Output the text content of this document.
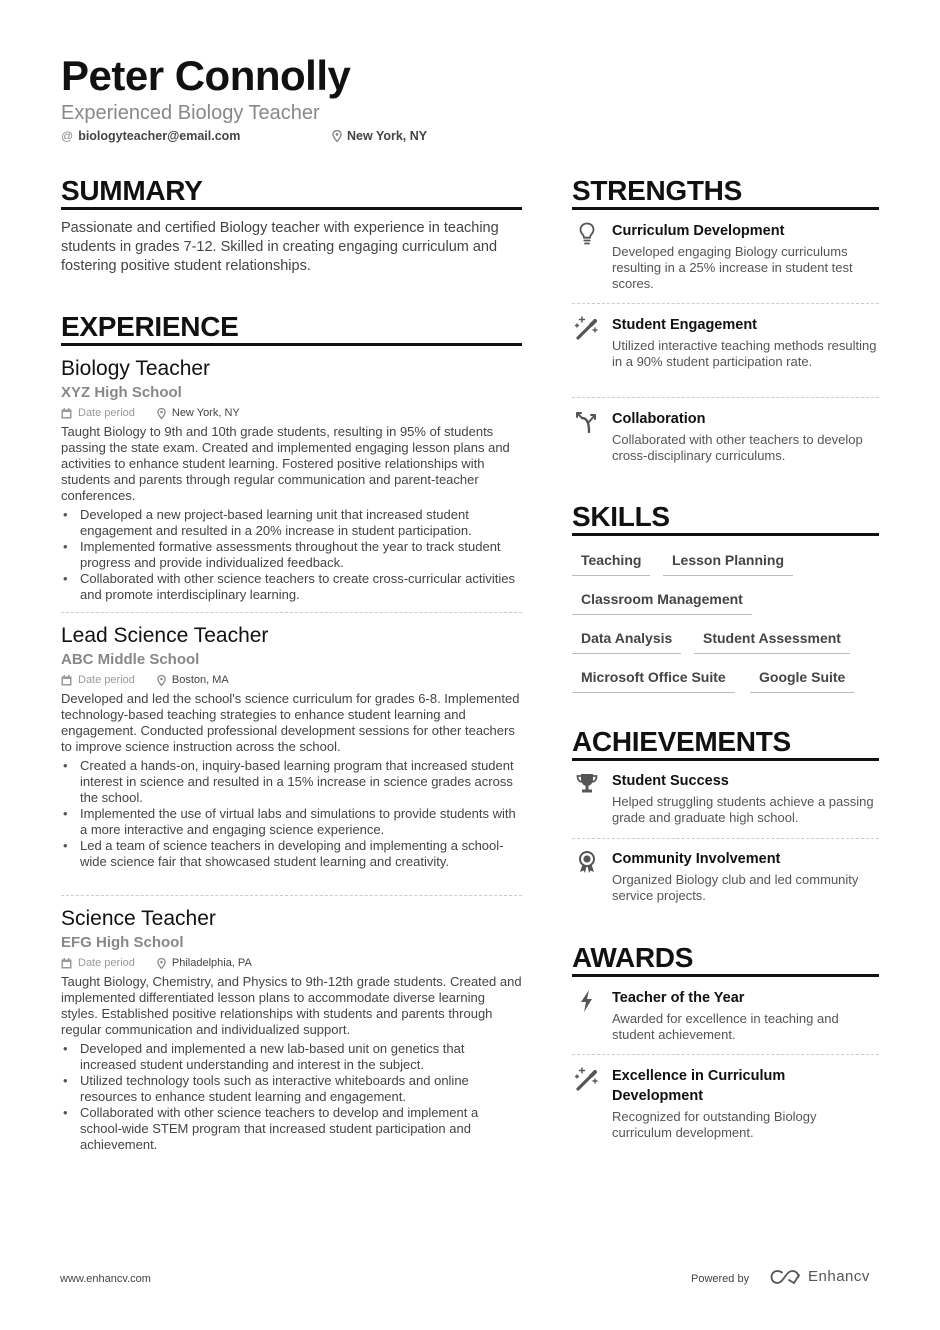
Peter Connolly
Experienced Biology Teacher
@ biologyteacher@email.com	New York, NY
SUMMARY
Passionate and certified Biology teacher with experience in teaching students in grades 7-12. Skilled in creating engaging curriculum and fostering positive student relationships.
EXPERIENCE
Biology Teacher
XYZ High School
Date period	New York, NY
Taught Biology to 9th and 10th grade students, resulting in 95% of students passing the state exam. Created and implemented engaging lesson plans and activities to enhance student learning. Fostered positive relationships with students and parents through regular communication and parent-teacher conferences.
• Developed a new project-based learning unit that increased student engagement and resulted in a 20% increase in student participation.
• Implemented formative assessments throughout the year to track student progress and provide individualized feedback.
• Collaborated with other science teachers to create cross-curricular activities and promote interdisciplinary learning.
Lead Science Teacher
ABC Middle School
Date period	Boston, MA
Developed and led the school's science curriculum for grades 6-8. Implemented technology-based teaching strategies to enhance student learning and engagement. Conducted professional development sessions for other teachers to improve science instruction across the school.
• Created a hands-on, inquiry-based learning program that increased student interest in science and resulted in a 15% increase in science grades across the school.
• Implemented the use of virtual labs and simulations to provide students with a more interactive and engaging science experience.
• Led a team of science teachers in developing and implementing a school-wide science fair that showcased student learning and creativity.
Science Teacher
EFG High School
Date period	Philadelphia, PA
Taught Biology, Chemistry, and Physics to 9th-12th grade students. Created and implemented differentiated lesson plans to accommodate diverse learning styles. Established positive relationships with students and parents through regular communication and individualized support.
• Developed and implemented a new lab-based unit on genetics that increased student understanding and interest in the subject.
• Utilized technology tools such as interactive whiteboards and online resources to enhance student learning and engagement.
• Collaborated with other science teachers to develop and implement a school-wide STEM program that increased student participation and achievement.
STRENGTHS
Curriculum Development
Developed engaging Biology curriculums resulting in a 25% increase in student test scores.
Student Engagement
Utilized interactive teaching methods resulting in a 90% student participation rate.
Collaboration
Collaborated with other teachers to develop cross-disciplinary curriculums.
SKILLS
Teaching	Lesson Planning
Classroom Management
Data Analysis	Student Assessment
Microsoft Office Suite	Google Suite
ACHIEVEMENTS
Student Success
Helped struggling students achieve a passing grade and graduate high school.
Community Involvement
Organized Biology club and led community service projects.
AWARDS
Teacher of the Year
Awarded for excellence in teaching and student achievement.
Excellence in Curriculum Development
Recognized for outstanding Biology curriculum development.
www.enhancv.com	Powered by	Enhancv
